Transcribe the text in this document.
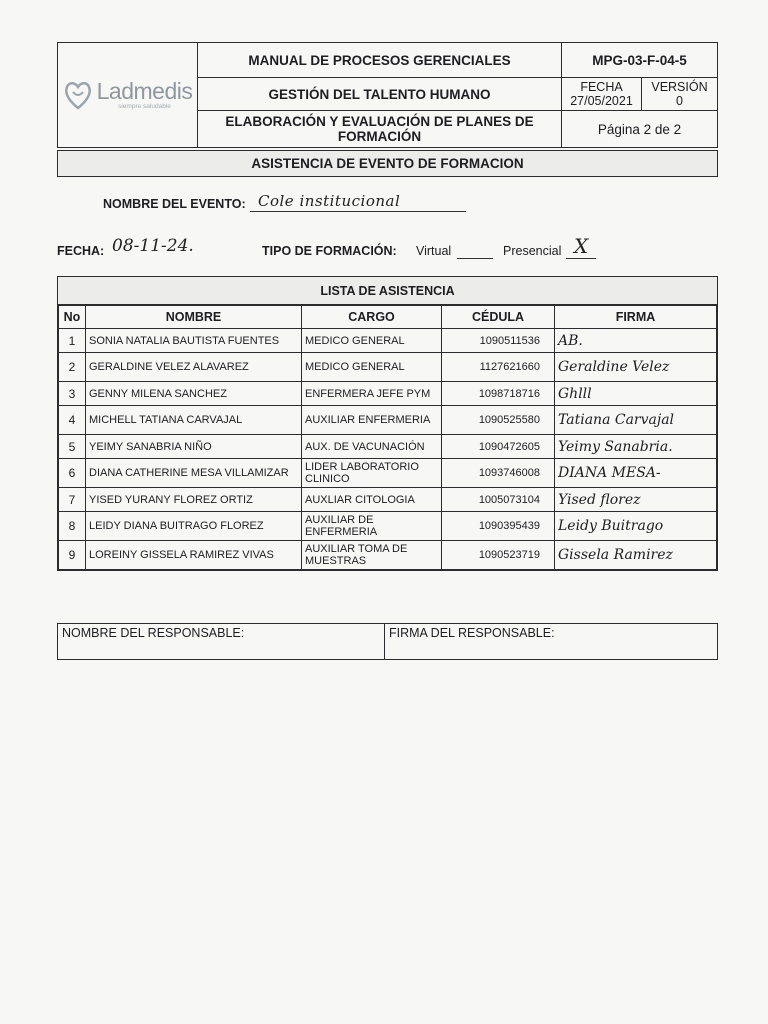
Ladmedis
siempre saludable
MANUAL DE PROCESOS GERENCIALES
GESTIÓN DEL TALENTO HUMANO
ELABORACIÓN Y EVALUACIÓN DE PLANES DE FORMACIÓN
MPG-03-F-04-5
FECHA
27/05/2021
VERSIÓN
0
Página 2 de 2
ASISTENCIA DE EVENTO DE FORMACION
NOMBRE DEL EVENTO: Cole institucional
FECHA: 08-11-24.	TIPO DE FORMACIÓN: Virtual	Presencial X
LISTA DE ASISTENCIA
No	NOMBRE	CARGO	CÉDULA	FIRMA
1	SONIA NATALIA BAUTISTA FUENTES	MEDICO GENERAL	1090511536	AB.
2	GERALDINE VELEZ ALAVAREZ	MEDICO GENERAL	1127621660	Geraldine Velez
3	GENNY MILENA SANCHEZ	ENFERMERA JEFE PYM	1098718716	Ghlll
4	MICHELL TATIANA CARVAJAL	AUXILIAR ENFERMERIA	1090525580	Tatiana Carvajal
5	YEIMY SANABRIA NIÑO	AUX. DE VACUNACIÓN	1090472605	Yeimy Sanabria.
6	DIANA CATHERINE MESA VILLAMIZAR	LIDER LABORATORIO CLINICO	1093746008	DIANA MESA-
7	YISED YURANY FLOREZ ORTIZ	AUXLIAR CITOLOGIA	1005073104	Yised florez
8	LEIDY DIANA BUITRAGO FLOREZ	AUXILIAR DE ENFERMERIA	1090395439	Leidy Buitrago
9	LOREINY GISSELA RAMIREZ VIVAS	AUXILIAR TOMA DE MUESTRAS	1090523719	Gissela Ramirez
NOMBRE DEL RESPONSABLE:	FIRMA DEL RESPONSABLE:
